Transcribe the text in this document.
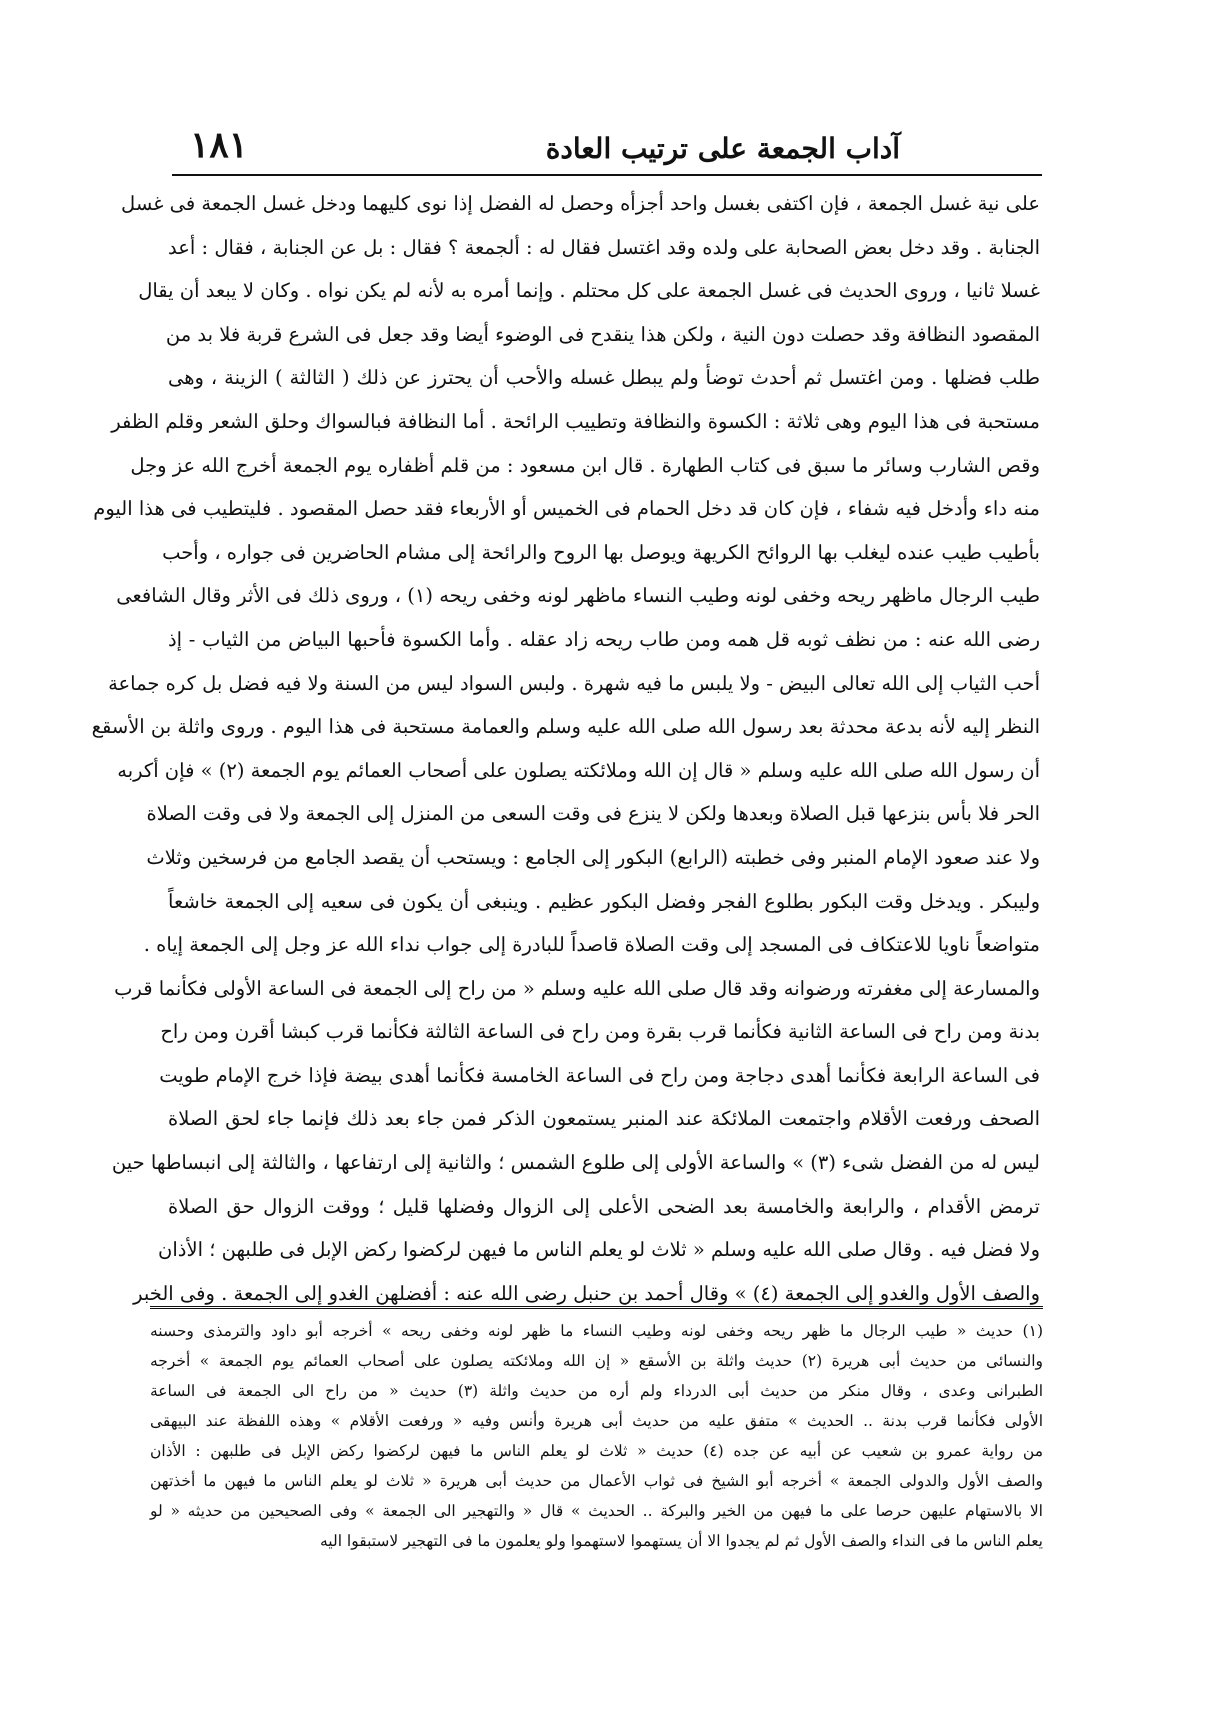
آداب الجمعة على ترتيب العادة
١٨١
على نية غسل الجمعة ، فإن اكتفى بغسل واحد أجزأه وحصل له الفضل إذا نوى كليهما ودخل غسل الجمعة فى غسل
الجنابة . وقد دخل بعض الصحابة على ولده وقد اغتسل فقال له : ألجمعة ؟ فقال : بل عن الجنابة ، فقال : أعد
غسلا ثانيا ، وروى الحديث فى غسل الجمعة على كل محتلم . وإنما أمره به لأنه لم يكن نواه . وكان لا يبعد أن يقال
المقصود النظافة وقد حصلت دون النية ، ولكن هذا ينقدح فى الوضوء أيضا وقد جعل فى الشرع قربة فلا بد من
طلب فضلها . ومن اغتسل ثم أحدث توضأ ولم يبطل غسله والأحب أن يحترز عن ذلك ( الثالثة ) الزينة ، وهى
مستحبة فى هذا اليوم وهى ثلاثة : الكسوة والنظافة وتطييب الرائحة . أما النظافة فبالسواك وحلق الشعر وقلم الظفر
وقص الشارب وسائر ما سبق فى كتاب الطهارة . قال ابن مسعود : من قلم أظفاره يوم الجمعة أخرج الله عز وجل
منه داء وأدخل فيه شفاء ، فإن كان قد دخل الحمام فى الخميس أو الأربعاء فقد حصل المقصود . فليتطيب فى هذا اليوم
بأطيب طيب عنده ليغلب بها الروائح الكريهة ويوصل بها الروح والرائحة إلى مشام الحاضرين فى جواره ، وأحب
طيب الرجال ماظهر ريحه وخفى لونه وطيب النساء ماظهر لونه وخفى ريحه (١) ، وروى ذلك فى الأثر وقال الشافعى
رضى الله عنه : من نظف ثوبه قل همه ومن طاب ريحه زاد عقله . وأما الكسوة فأحبها البياض من الثياب - إذ
أحب الثياب إلى الله تعالى البيض - ولا يلبس ما فيه شهرة . ولبس السواد ليس من السنة ولا فيه فضل بل كره جماعة
النظر إليه لأنه بدعة محدثة بعد رسول الله صلى الله عليه وسلم والعمامة مستحبة فى هذا اليوم . وروى واثلة بن الأسقع
أن رسول الله صلى الله عليه وسلم « قال إن الله وملائكته يصلون على أصحاب العمائم يوم الجمعة (٢) » فإن أكربه
الحر فلا بأس بنزعها قبل الصلاة وبعدها ولكن لا ينزع فى وقت السعى من المنزل إلى الجمعة ولا فى وقت الصلاة
ولا عند صعود الإمام المنبر وفى خطبته (الرابع) البكور إلى الجامع : ويستحب أن يقصد الجامع من فرسخين وثلاث
وليبكر . ويدخل وقت البكور بطلوع الفجر وفضل البكور عظيم . وينبغى أن يكون فى سعيه إلى الجمعة خاشعاً
متواضعاً ناويا للاعتكاف فى المسجد إلى وقت الصلاة قاصداً للبادرة إلى جواب نداء الله عز وجل إلى الجمعة إياه .
والمسارعة إلى مغفرته ورضوانه وقد قال صلى الله عليه وسلم « من راح إلى الجمعة فى الساعة الأولى فكأنما قرب
بدنة ومن راح فى الساعة الثانية فكأنما قرب بقرة ومن راح فى الساعة الثالثة فكأنما قرب كبشا أقرن ومن راح
فى الساعة الرابعة فكأنما أهدى دجاجة ومن راح فى الساعة الخامسة فكأنما أهدى بيضة فإذا خرج الإمام طويت
الصحف ورفعت الأقلام واجتمعت الملائكة عند المنبر يستمعون الذكر فمن جاء بعد ذلك فإنما جاء لحق الصلاة
ليس له من الفضل شىء (٣) » والساعة الأولى إلى طلوع الشمس ؛ والثانية إلى ارتفاعها ، والثالثة إلى انبساطها حين
ترمض الأقدام ، والرابعة والخامسة بعد الضحى الأعلى إلى الزوال وفضلها قليل ؛ ووقت الزوال حق الصلاة
ولا فضل فيه . وقال صلى الله عليه وسلم « ثلاث لو يعلم الناس ما فيهن لركضوا ركض الإبل فى طلبهن ؛ الأذان
والصف الأول والغدو إلى الجمعة (٤) » وقال أحمد بن حنبل رضى الله عنه : أفضلهن الغدو إلى الجمعة . وفى الخبر
(١) حديث « طيب الرجال ما ظهر ريحه وخفى لونه وطيب النساء ما ظهر لونه وخفى ريحه » أخرجه أبو داود والترمذى وحسنه
والنسائى من حديث أبى هريرة (٢) حديث واثلة بن الأسقع « إن الله وملائكته يصلون على أصحاب العمائم يوم الجمعة » أخرجه
الطبرانى وعدى ، وقال منكر من حديث أبى الدرداء ولم أره من حديث واثلة (٣) حديث « من راح الى الجمعة فى الساعة
الأولى فكأنما قرب بدنة .. الحديث » متفق عليه من حديث أبى هريرة وأنس وفيه « ورفعت الأقلام » وهذه اللفظة عند البيهقى
من رواية عمرو بن شعيب عن أبيه عن جده (٤) حديث « ثلاث لو يعلم الناس ما فيهن لركضوا ركض الإبل فى طلبهن : الأذان
والصف الأول والدولى الجمعة » أخرجه أبو الشيخ فى ثواب الأعمال من حديث أبى هريرة « ثلاث لو يعلم الناس ما فيهن ما أخذتهن
الا بالاستهام عليهن حرصا على ما فيهن من الخير والبركة .. الحديث » قال « والتهجير الى الجمعة » وفى الصحيحين من حديثه « لو
يعلم الناس ما فى النداء والصف الأول ثم لم يجدوا الا أن يستهموا لاستهموا ولو يعلمون ما فى التهجير لاستبقوا اليه
